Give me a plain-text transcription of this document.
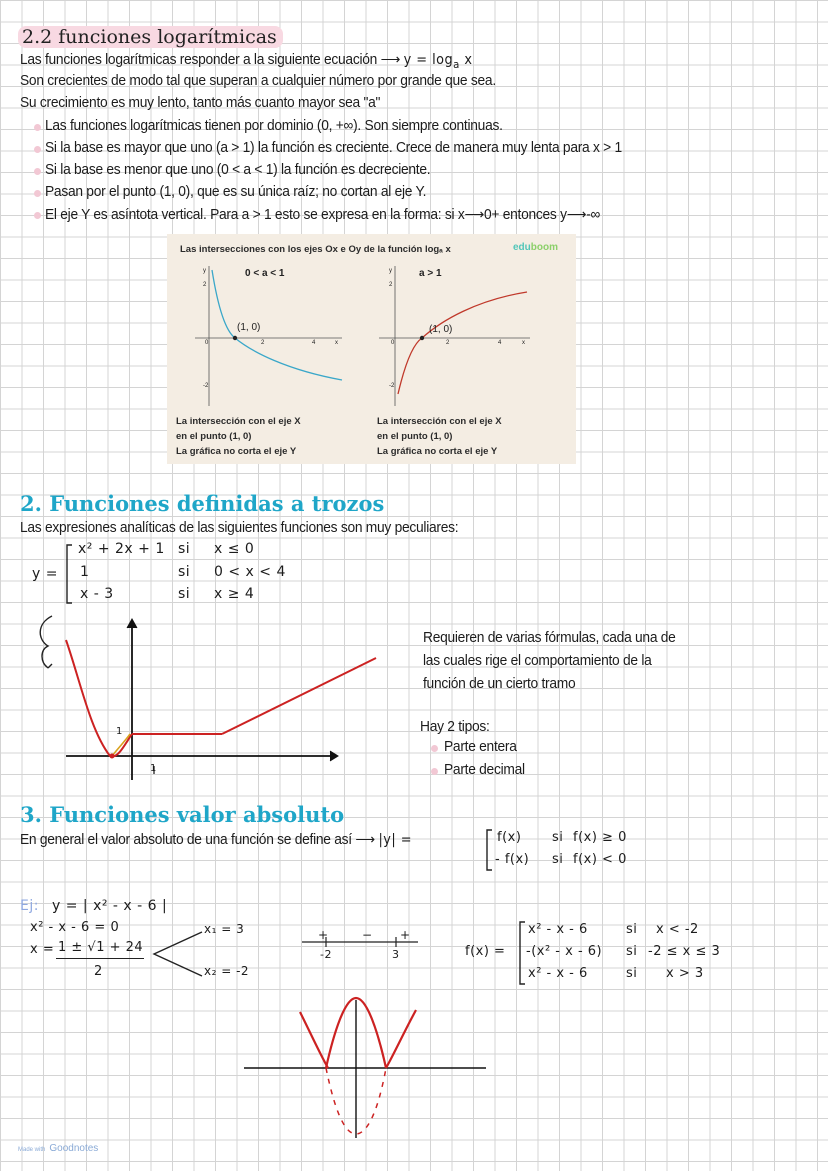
2.2 funciones logarítmicas
Las funciones logarítmicas responder a la siguiente ecuación ⟶ $y = \log_a x$
Son crecientes de modo tal que superan a cualquier número por grande que sea.
Su crecimiento es muy lento, tanto más cuanto mayor sea "a"
Las funciones logarítmicas tienen por dominio (0, +∞). Son siempre continuas.
Si la base es mayor que uno (a > 1) la función es creciente. Crece de manera muy lenta para x > 1
Si la base es menor que uno (0 < a < 1) la función es decreciente.
Pasan por el punto (1, 0), que es su única raíz; no cortan al eje Y.
El eje Y es asíntota vertical. Para a > 1 esto se expresa en la forma: si x⟶0+ entonces y⟶-∞
Las intersecciones con los ejes Ox e Oy de la función logₐ x	eduboom
0 < a < 1	a > 1
(1, 0)	(1, 0)
y
2
-2
0	2	4	x
y
2
-2
0	2	4	x
La intersección con el eje X
en el punto (1, 0)
La gráfica no corta el eje Y
La intersección con el eje X
en el punto (1, 0)
La gráfica no corta el eje Y
2. Funciones definidas a trozos
Las expresiones analíticas de las siguientes funciones son muy peculiares:
y =
x² + 2x + 1 si x ≤ 0
1	si 0 < x < 4
x - 3	si x ≥ 4
1
1
Requieren de varias fórmulas, cada una de
las cuales rige el comportamiento de la
función de un cierto tramo
Hay 2 tipos:
Parte entera
Parte decimal
3. Funciones valor absoluto
En general el valor absoluto de una función se define así ⟶ |y| =	f(x) si f(x) ≥ 0
- f(x) si f(x) < 0
Ej: y = | x² - x - 6 |
x² - x - 6 = 0
x = 1 ± √1 + 24
2
x₁ = 3
x₂ = -2
+	− +
-2	3	f(x) =
x² - x - 6	si x < -2
-(x² - x - 6) si -2 ≤ x ≤ 3
x² - x - 6	si x > 3
Made with Goodnotes
